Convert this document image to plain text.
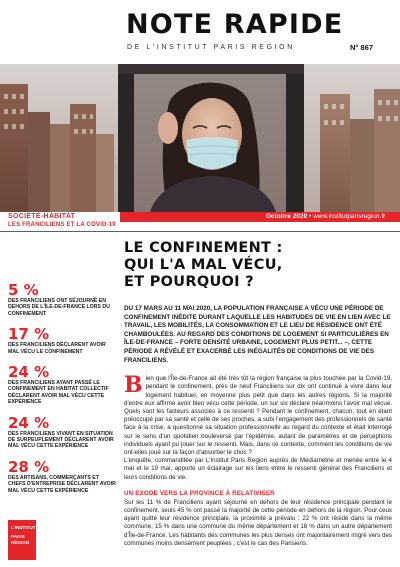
NOTE RAPIDE
DE L'INSTITUT PARIS REGION	N° 867
SOCIÉTÉ-HABITAT
LES FRANCILIENS ET LA COVID-19
Octobre 2020 • www.institutparisregion.fr
5 %
DES FRANCILIENS ONT SÉJOURNÉ EN DEHORS DE L'ÎLE-DE-FRANCE LORS DU CONFINEMENT
17 %
DES FRANCILIENS DÉCLARENT AVOIR MAL VÉCU LE CONFINEMENT
24 %
DES FRANCILIENS AYANT PASSÉ LE CONFINEMENT EN HABITAT COLLECTIF DÉCLARENT AVOIR MAL VÉCU CETTE EXPÉRIENCE
24 %
DES FRANCILIENS VIVANT EN SITUATION DE SURPEUPLEMENT DÉCLARENT AVOIR MAL VÉCU CETTE EXPÉRIENCE
28 %
DES ARTISANS, COMMERÇANTS ET CHEFS D'ENTREPRISE DÉCLARENT AVOIR MAL VÉCU CETTE EXPÉRIENCE
L'INSTITUT
PARIS
RÉGION
LE CONFINEMENT :
QUI L'A MAL VÉCU,
ET POURQUOI ?

DU 17 MARS AU 11 MAI 2020, LA POPULATION FRANÇAISE A VÉCU UNE PÉRIODE DE CONFINEMENT INÉDITE DURANT LAQUELLE LES HABITUDES DE VIE EN LIEN AVEC LE TRAVAIL, LES MOBILITÉS, LA CONSOMMATION ET LE LIEU DE RÉSIDENCE ONT ÉTÉ CHAMBOULÉES. AU REGARD DES CONDITIONS DE LOGEMENT SI PARTICULIÈRES EN ÎLE-DE-FRANCE – FORTE DENSITÉ URBAINE, LOGEMENT PLUS PETIT... –, CETTE PÉRIODE A RÉVÉLÉ ET EXACERBÉ LES INÉGALITÉS DE CONDITIONS DE VIE DES FRANCILIENS.

B ien que l'Île-de-France ait été très tôt la région française la plus touchée par la Covid-19, pendant le confinement, près de neuf Franciliens sur dix ont continué à vivre dans leur logement habituel, en moyenne plus petit que dans les autres régions. Si la majorité d'entre eux affirme avoir bien vécu cette période, un sur six déclare néanmoins l'avoir mal vécue. Quels sont les facteurs associés à ce ressenti ? Pendant le confinement, chacun, tout en étant préoccupé par sa santé et celle de ses proches, a subi l'engagement des professionnels de santé face à la crise, a questionné sa situation professionnelle au regard du contexte et était interrogé sur le sens d'un quotidien bouleversé par l'épidémie, autant de paramètres et de perceptions individuels ayant pu jouer sur le ressenti. Mais, dans ce contexte, comment les conditions de vie ont-elles joué sur la façon d'absorber le choc ?

L'enquête, commanditée par L'Institut Paris Region auprès de Médiamétrie et menée entre le 4 mai et le 19 mai, apporte un éclairage sur les liens entre le ressenti général des Franciliens et leurs conditions de vie.

UN EXODE VERS LA PROVINCE À RELATIVISER

Sur les 11 % de Franciliens ayant séjourné en dehors de leur résidence principale pendant le confinement, seuls 45 % ont passé la majorité de cette période en dehors de la région. Pour ceux ayant quitté leur résidence principale, la proximité a prévalu : 22 % ont résidé dans la même commune, 15 % dans une commune du même département et 18 % dans un autre département d'Île-de-France. Les habitants des communes les plus denses ont majoritairement migré vers des communes moins densément peuplées ; c'est le cas des Parisiens.
